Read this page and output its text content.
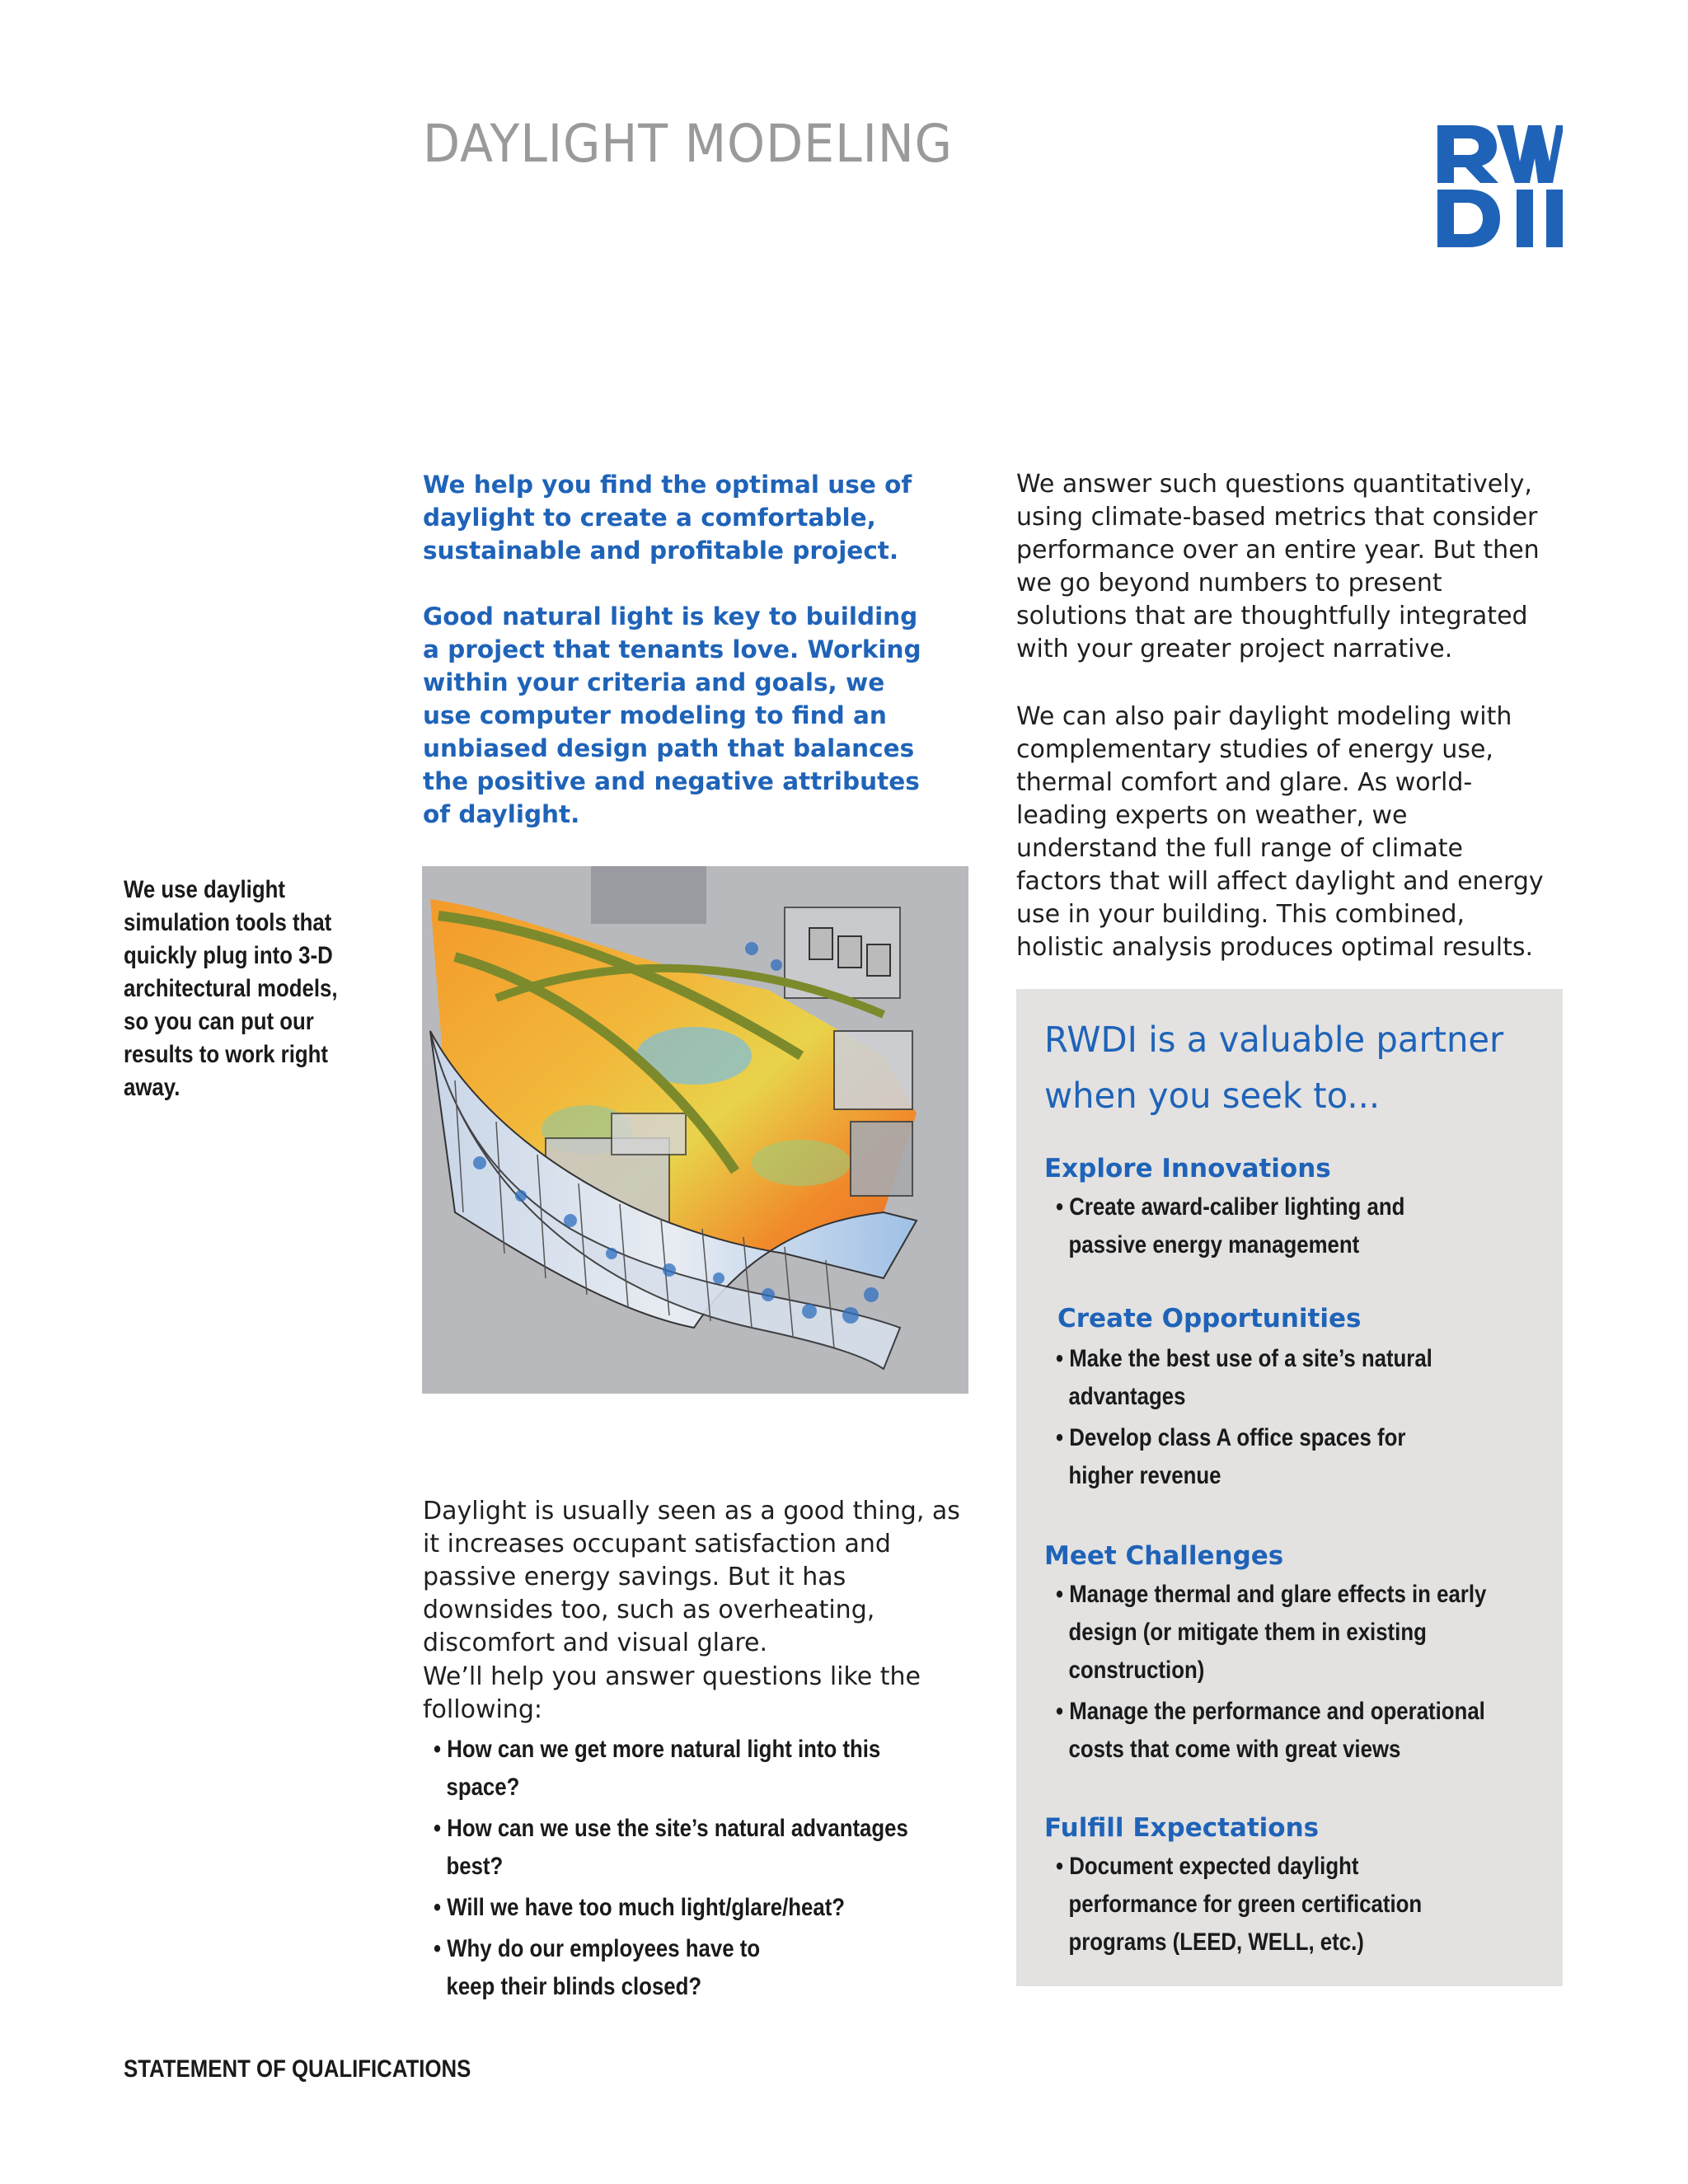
DAYLIGHT MODELING

We help you find the optimal use of daylight to create a comfortable, sustainable and profitable project.

Good natural light is key to building a project that tenants love. Working within your criteria and goals, we use computer modeling to find an unbiased design path that balances the positive and negative attributes of daylight.

We answer such questions quantitatively, using climate-based metrics that consider performance over an entire year. But then we go beyond numbers to present solutions that are thoughtfully integrated with your greater project narrative.

We can also pair daylight modeling with complementary studies of energy use, thermal comfort and glare. As world-leading experts on weather, we understand the full range of climate factors that will affect daylight and energy use in your building. This combined, holistic analysis produces optimal results.

We use daylight simulation tools that quickly plug into 3-D architectural models, so you can put our results to work right away.

Daylight is usually seen as a good thing, as it increases occupant satisfaction and passive energy savings. But it has downsides too, such as overheating, discomfort and visual glare.

We’ll help you answer questions like the following:

• How can we get more natural light into this space?
• How can we use the site’s natural advantages best?
• Will we have too much light/glare/heat?
• Why do our employees have to keep their blinds closed?
RWDI is a valuable partner when you seek to...
Explore Innovations
• Create award-caliber lighting and passive energy management
Create Opportunities
• Make the best use of a site’s natural advantages
• Develop class A office spaces for higher revenue
Meet Challenges
• Manage thermal and glare effects in early design (or mitigate them in existing construction)
• Manage the performance and operational costs that come with great views
Fulfill Expectations
• Document expected daylight performance for green certification programs (LEED, WELL, etc.)
STATEMENT OF QUALIFICATIONS
